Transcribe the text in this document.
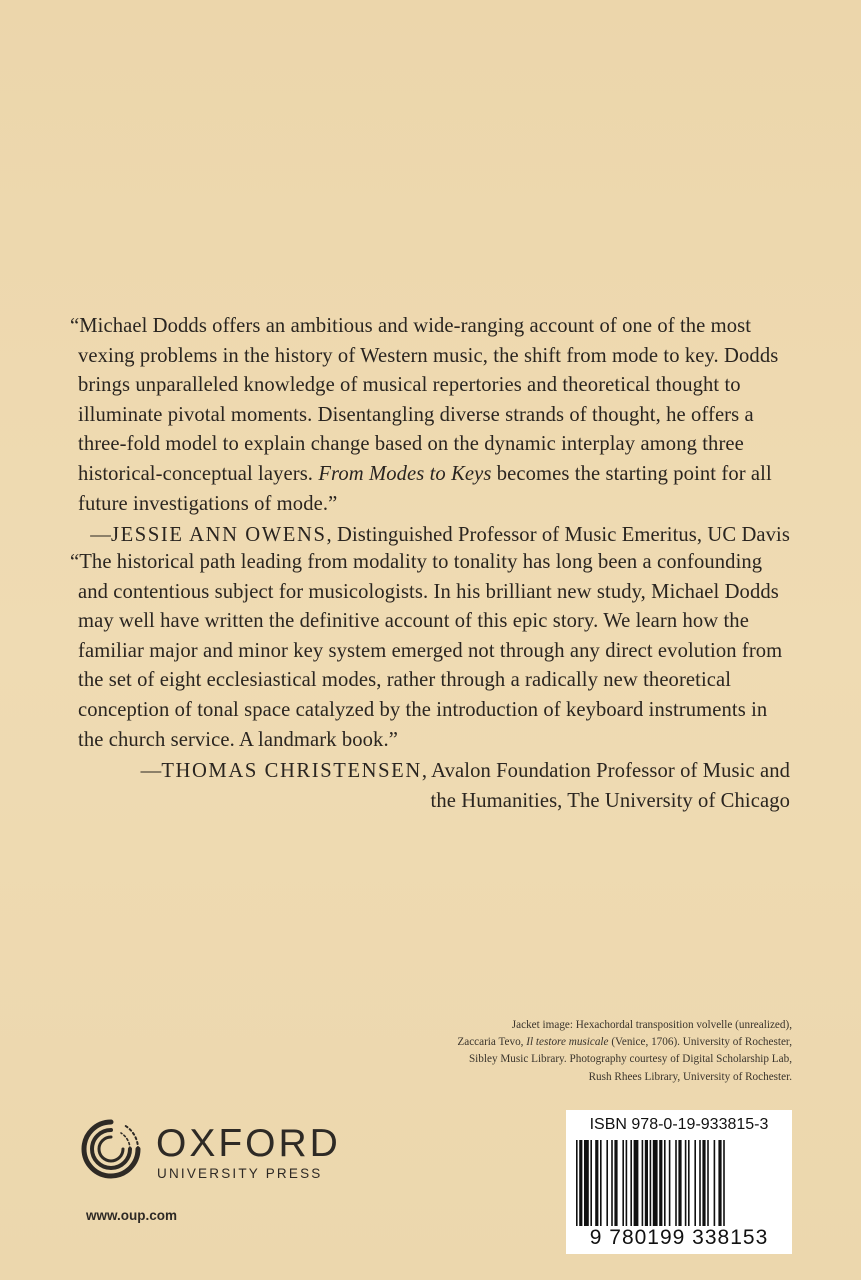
“Michael Dodds offers an ambitious and wide-ranging account of one of the most vexing problems in the history of Western music, the shift from mode to key. Dodds brings unparalleled knowledge of musical repertories and theoretical thought to illuminate pivotal moments. Disentangling diverse strands of thought, he offers a three-fold model to explain change based on the dynamic interplay among three historical-conceptual layers. From Modes to Keys becomes the starting point for all future investigations of mode.”

—JESSIE ANN OWENS, Distinguished Professor of Music Emeritus, UC Davis

“The historical path leading from modality to tonality has long been a confounding and contentious subject for musicologists. In his brilliant new study, Michael Dodds may well have written the definitive account of this epic story. We learn how the familiar major and minor key system emerged not through any direct evolution from the set of eight ecclesiastical modes, rather through a radically new theoretical conception of tonal space catalyzed by the introduction of keyboard instruments in the church service. A landmark book.”

—THOMAS CHRISTENSEN, Avalon Foundation Professor of Music and
the Humanities, The University of Chicago
Jacket image: Hexachordal transposition volvelle (unrealized),
Zaccaria Tevo, Il testore musicale (Venice, 1706). University of Rochester,
Sibley Music Library. Photography courtesy of Digital Scholarship Lab,
Rush Rhees Library, University of Rochester.
OXFORD
UNIVERSITY PRESS
www.oup.com
ISBN 978-0-19-933815-3
9 780199 338153
